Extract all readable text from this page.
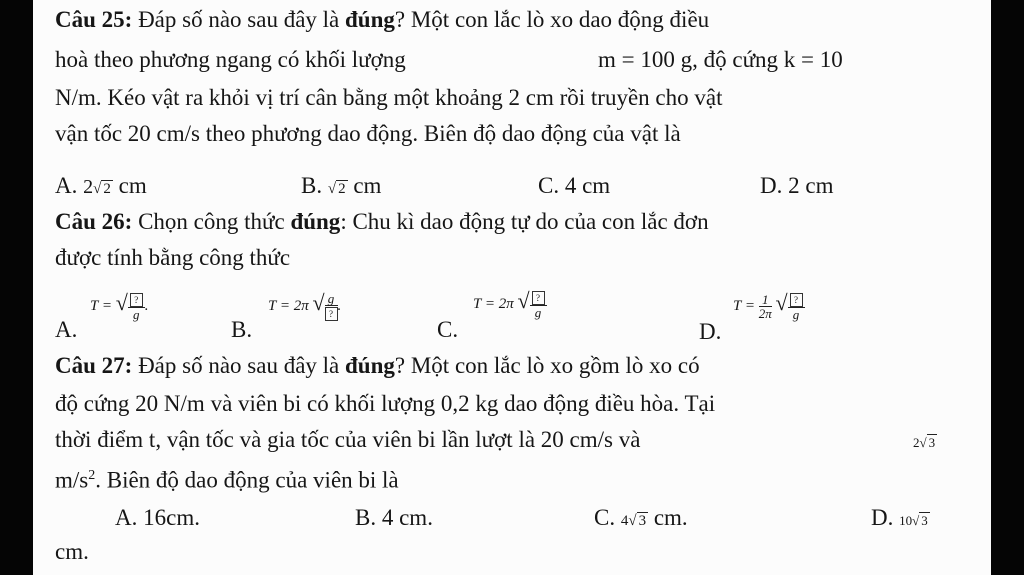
Câu 25: Đáp số nào sau đây là đúng? Một con lắc lò xo dao động điều
hoà theo phương ngang có khối lượng	m = 100 g, độ cứng k = 10
N/m. Kéo vật ra khỏi vị trí cân bằng một khoảng 2 cm rồi truyền cho vật
vận tốc 20 cm/s theo phương dao động. Biên độ dao động của vật là
A. 2√ 2 cm	B. √ 2 cm	C. 4 cm	D. 2 cm
Câu 26: Chọn công thức đúng: Chu kì dao động tự do của con lắc đơn
được tính bằng công thức
A.
T = √ $\frac{?}{g}$ .
B.
T = 2π √ $\frac{g}{?}$ .
C.
T = 2π √ $\frac{?}{g}$
D.
$T = \frac{1}{2\pi}$ √ $\frac{?}{g}$
Câu 27: Đáp số nào sau đây là đúng? Một con lắc lò xo gồm lò xo có
độ cứng 20 N/m và viên bi có khối lượng 0,2 kg dao động điều hòa. Tại
thời điểm t, vận tốc và gia tốc của viên bi lần lượt là 20 cm/s và	2√ 3
$m/s^2$. Biên độ dao động của viên bi là
A. 16cm.	B. 4 cm.	C. 4√ 3 cm.	D. 10√ 3
cm.
